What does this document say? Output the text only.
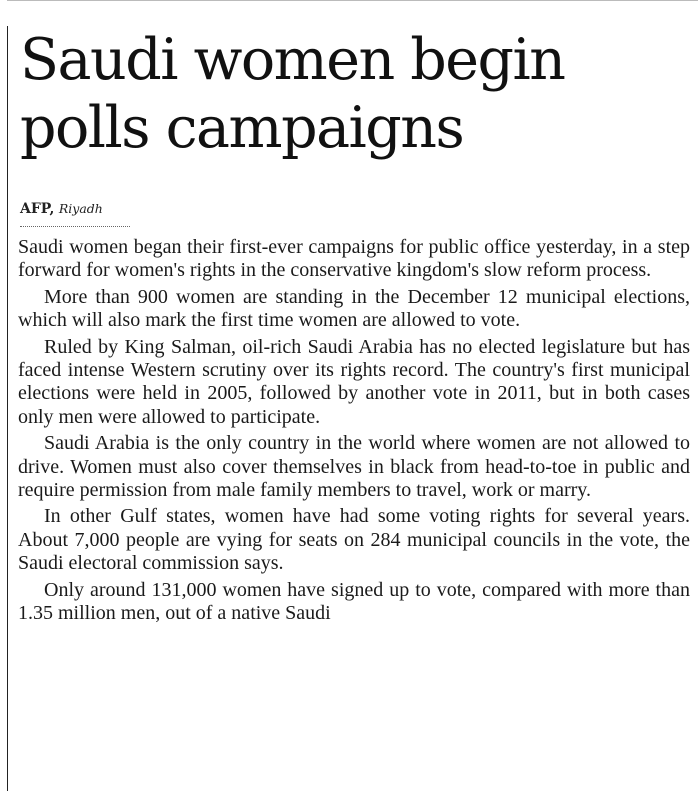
Saudi women begin polls campaigns
AFP, Riyadh

Saudi women began their first-ever campaigns for public office yesterday, in a step forward for women's rights in the conservative kingdom's slow reform process.

More than 900 women are standing in the December 12 municipal elections, which will also mark the first time women are allowed to vote.

Ruled by King Salman, oil-rich Saudi Arabia has no elected legislature but has faced intense Western scrutiny over its rights record. The country's first municipal elections were held in 2005, followed by another vote in 2011, but in both cases only men were allowed to participate.

Saudi Arabia is the only country in the world where women are not allowed to drive. Women must also cover themselves in black from head-to-toe in public and require permission from male family members to travel, work or marry.

In other Gulf states, women have had some voting rights for several years. About 7,000 people are vying for seats on 284 municipal councils in the vote, the Saudi electoral commission says.

Only around 131,000 women have signed up to vote, compared with more than 1.35 million men, out of a native Saudi
